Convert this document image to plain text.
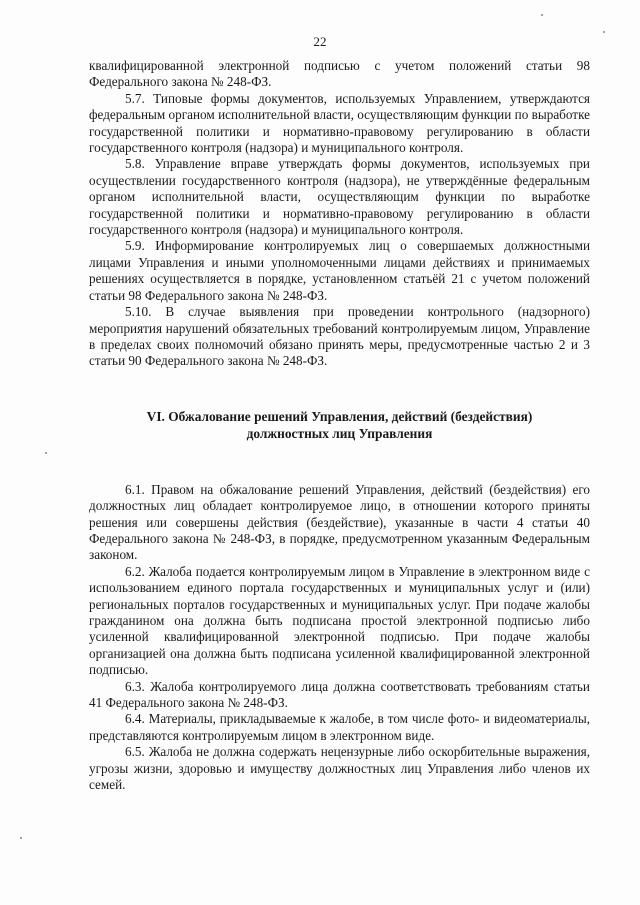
22

квалифицированной электронной подписью с учетом положений статьи 98 Федерального закона № 248-ФЗ.

5.7. Типовые формы документов, используемых Управлением, утверждаются федеральным органом исполнительной власти, осуществляющим функции по выработке государственной политики и нормативно-правовому регулированию в области государственного контроля (надзора) и муниципального контроля.

5.8. Управление вправе утверждать формы документов, используемых при осуществлении государственного контроля (надзора), не утверждённые федеральным органом исполнительной власти, осуществляющим функции по выработке государственной политики и нормативно-правовому регулированию в области государственного контроля (надзора) и муниципального контроля.

5.9. Информирование контролируемых лиц о совершаемых должностными лицами Управления и иными уполномоченными лицами действиях и принимаемых решениях осуществляется в порядке, установленном статьёй 21 с учетом положений статьи 98 Федерального закона № 248-ФЗ.

5.10. В случае выявления при проведении контрольного (надзорного) мероприятия нарушений обязательных требований контролируемым лицом, Управление в пределах своих полномочий обязано принять меры, предусмотренные частью 2 и 3 статьи 90 Федерального закона № 248-ФЗ.

VI. Обжалование решений Управления, действий (бездействия)
должностных лиц Управления

6.1. Правом на обжалование решений Управления, действий (бездействия) его должностных лиц обладает контролируемое лицо, в отношении которого приняты решения или совершены действия (бездействие), указанные в части 4 статьи 40 Федерального закона № 248-ФЗ, в порядке, предусмотренном указанным Федеральным законом.

6.2. Жалоба подается контролируемым лицом в Управление в электронном виде с использованием единого портала государственных и муниципальных услуг и (или) региональных порталов государственных и муниципальных услуг. При подаче жалобы гражданином она должна быть подписана простой электронной подписью либо усиленной квалифицированной электронной подписью. При подаче жалобы организацией она должна быть подписана усиленной квалифицированной электронной подписью.

6.3. Жалоба контролируемого лица должна соответствовать требованиям статьи 41 Федерального закона № 248-ФЗ.

6.4. Материалы, прикладываемые к жалобе, в том числе фото- и видеоматериалы, представляются контролируемым лицом в электронном виде.

6.5. Жалоба не должна содержать нецензурные либо оскорбительные выражения, угрозы жизни, здоровью и имуществу должностных лиц Управления либо членов их семей.
